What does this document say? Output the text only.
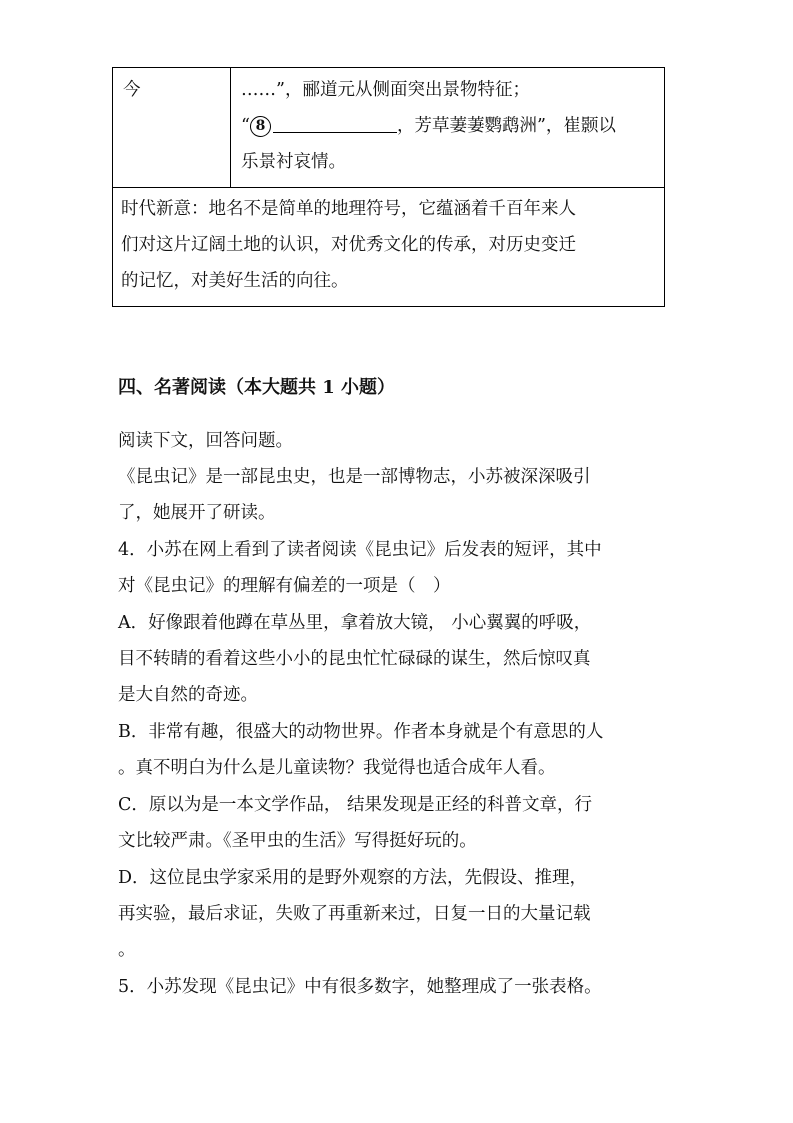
今	……”，郦道元从侧面突出景物特征；
“ 8	，芳草萋萋鹦鹉洲”，崔颢以
乐景衬哀情。
时代新意：地名不是简单的地理符号，它蕴涵着千百年来人
们对这片辽阔土地的认识，对优秀文化的传承，对历史变迁
的记忆，对美好生活的向往。
四、名著阅读（本大题共 1 小题）
阅读下文，回答问题。
《昆虫记》是一部昆虫史，也是一部博物志，小苏被深深吸引
了，她展开了研读。
4．小苏在网上看到了读者阅读《昆虫记》后发表的短评，其中
对《昆虫记》的理解有偏差的一项是（　）
A．好像跟着他蹲在草丛里，拿着放大镜， 小心翼翼的呼吸，
目不转睛的看着这些小小的昆虫忙忙碌碌的谋生，然后惊叹真
是大自然的奇迹。
B．非常有趣，很盛大的动物世界。作者本身就是个有意思的人
。真不明白为什么是儿童读物？我觉得也适合成年人看。
C．原以为是一本文学作品， 结果发现是正经的科普文章，行
文比较严肃。《圣甲虫的生活》写得挺好玩的。
D．这位昆虫学家采用的是野外观察的方法，先假设、推理，
再实验，最后求证，失败了再重新来过，日复一日的大量记载
。
5．小苏发现《昆虫记》中有很多数字，她整理成了一张表格。
